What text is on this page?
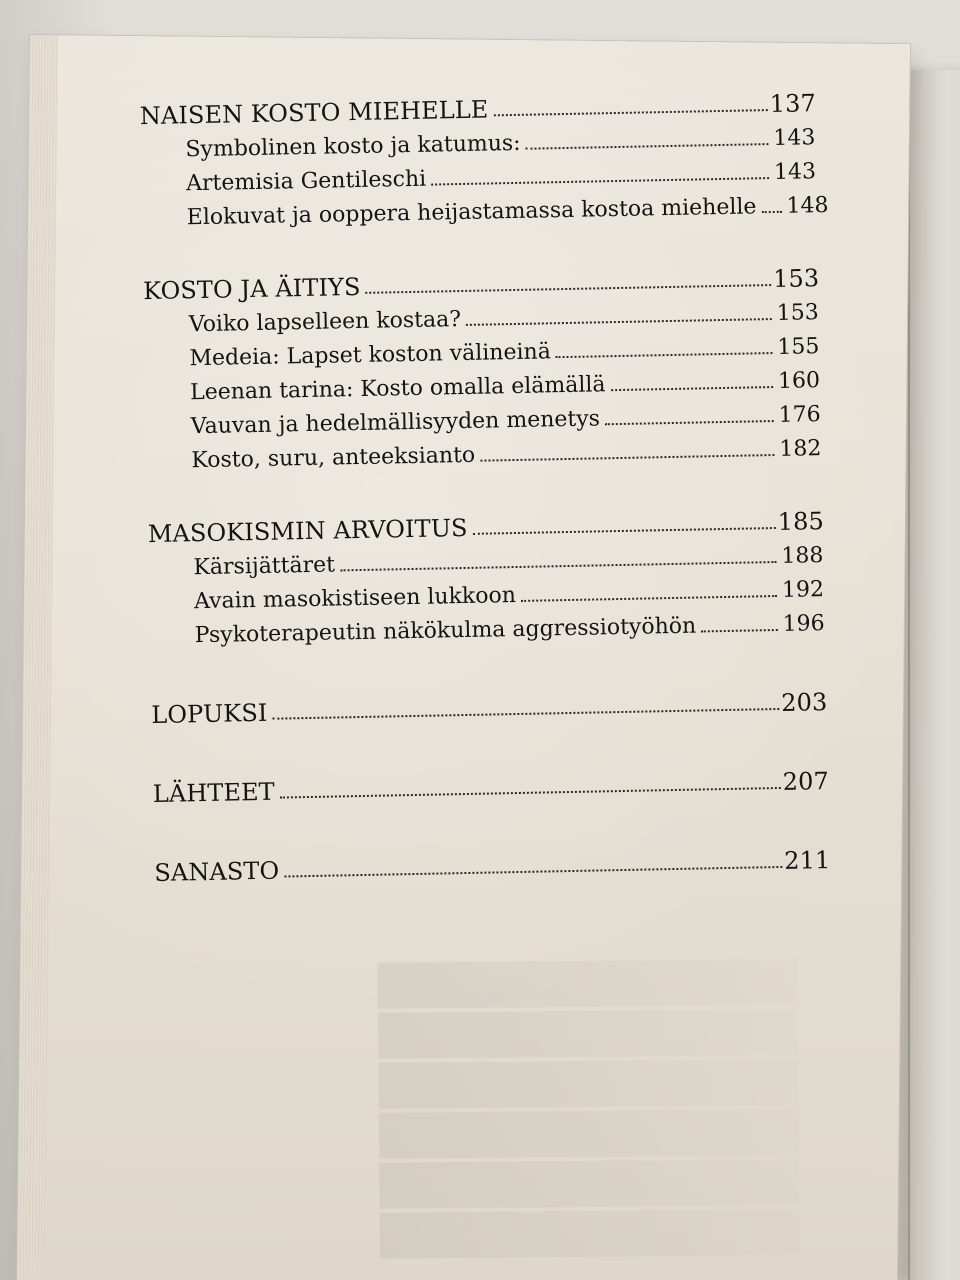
NAISEN KOSTO MIEHELLE	137
Symbolinen kosto ja katumus:	143
Artemisia Gentileschi	143
Elokuvat ja ooppera heijastamassa kostoa miehelle 148
KOSTO JA ÄITIYS	153
Voiko lapselleen kostaa?	153
Medeia: Lapset koston välineinä	155
Leenan tarina: Kosto omalla elämällä	160
Vauvan ja hedelmällisyyden menetys	176
Kosto, suru, anteeksianto	182
MASOKISMIN ARVOITUS	185
Kärsijättäret	188
Avain masokistiseen lukkoon	192
Psykoterapeutin näkökulma aggressiotyöhön	196
LOPUKSI	203
LÄHTEET	207
SANASTO	211
